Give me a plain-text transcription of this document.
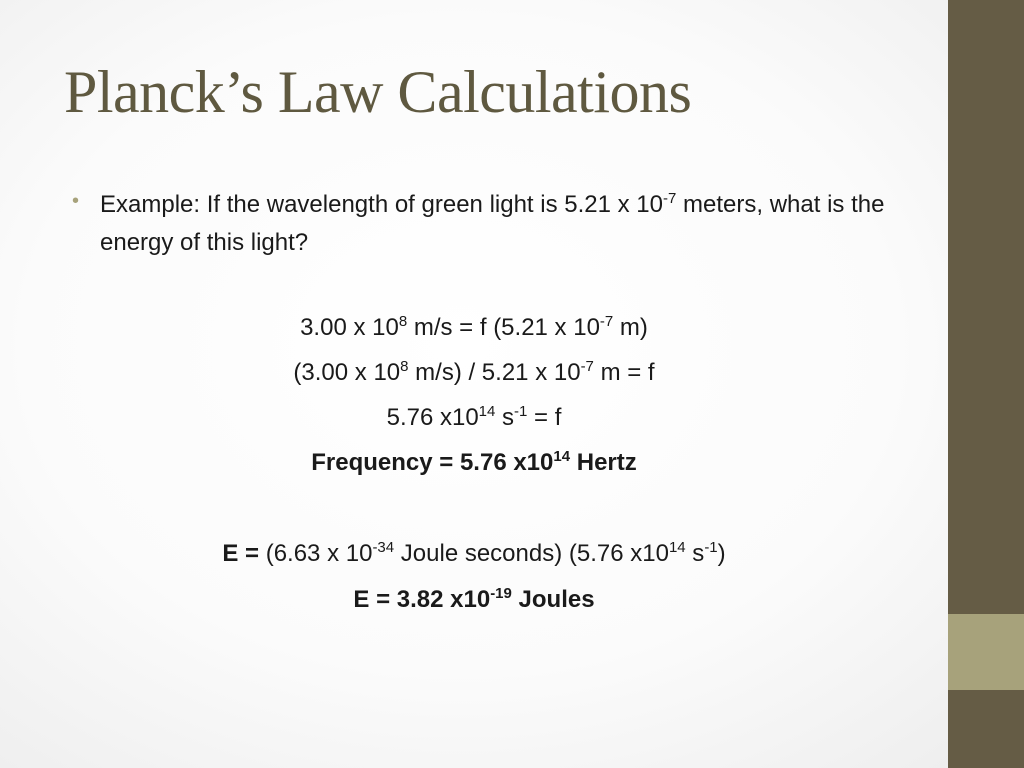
Planck’s Law Calculations
• Example: If the wavelength of green light is 5.21 x $10^{-7}$ meters, what is the energy of this light?
3.00 x $10^8$ m/s = f (5.21 x $10^{-7}$ m)
(3.00 x $10^8$ m/s) / 5.21 x $10^{-7}$ m = f
5.76 $x10^{14}$ $s^{-1} = f$
Frequency = 5.76 $x10^{14}$ Hertz
E = (6.63 x $10^{-34}$ Joule seconds) (5.76 $x10^{14}$ $s^{-1}$)
E = 3.82 $x10^{-19}$ Joules
